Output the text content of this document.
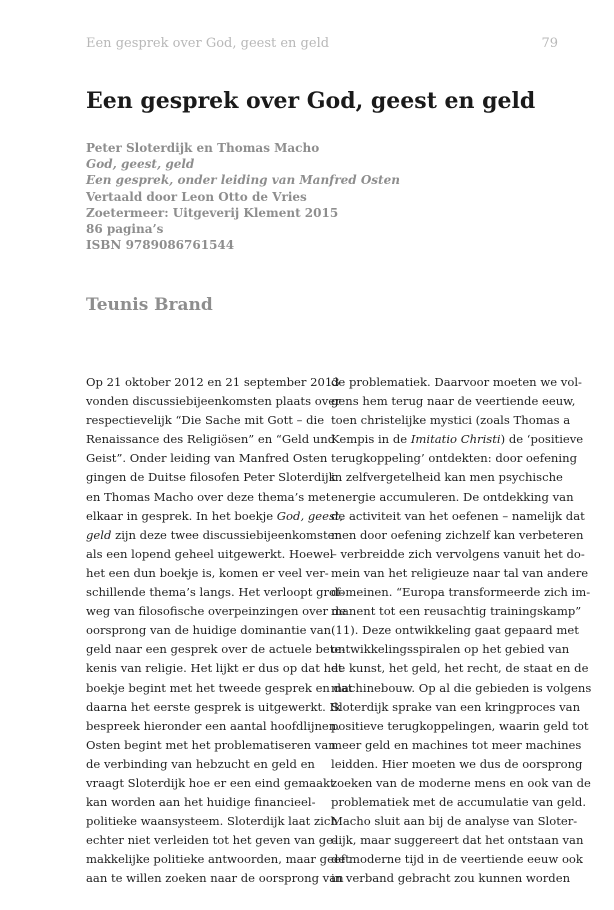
Een gesprek over God, geest en geld	79
Een gesprek over God, geest en geld
Peter Sloterdijk en Thomas Macho
God, geest, geld
Een gesprek, onder leiding van Manfred Osten
Vertaald door Leon Otto de Vries
Zoetermeer: Uitgeverij Klement 2015
86 pagina’s
ISBN 9789086761544
Teunis Brand
Op 21 oktober 2012 en 21 september 2013
vonden discussiebijeenkomsten plaats over
respectievelijk “Die Sache mit Gott – die
Renaissance des Religiösen” en “Geld und
Geist”. Onder leiding van Manfred Osten
gingen de Duitse filosofen Peter Sloterdijk
en Thomas Macho over deze thema’s met
elkaar in gesprek. In het boekje God, geest,
geld zijn deze twee discussiebijeenkomsten
als een lopend geheel uitgewerkt. Hoewel
het een dun boekje is, komen er veel ver-
schillende thema’s langs. Het verloopt grof-
weg van filosofische overpeinzingen over de
oorsprong van de huidige dominantie van
geld naar een gesprek over de actuele bete-
kenis van religie. Het lijkt er dus op dat het
boekje begint met het tweede gesprek en dat
daarna het eerste gesprek is uitgewerkt. Ik
bespreek hieronder een aantal hoofdlijnen.
Osten begint met het problematiseren van
de verbinding van hebzucht en geld en
vraagt Sloterdijk hoe er een eind gemaakt
kan worden aan het huidige financieel-
politieke waansysteem. Sloterdijk laat zich
echter niet verleiden tot het geven van ge-
makkelijke politieke antwoorden, maar geeft
aan te willen zoeken naar de oorsprong van
de problematiek. Daarvoor moeten we vol-
gens hem terug naar de veertiende eeuw,
toen christelijke mystici (zoals Thomas a
Kempis in de Imitatio Christi) de ‘positieve
terugkoppeling’ ontdekten: door oefening
in zelfvergetelheid kan men psychische
energie accumuleren. De ontdekking van
de activiteit van het oefenen – namelijk dat
men door oefening zichzelf kan verbeteren
– verbreidde zich vervolgens vanuit het do-
mein van het religieuze naar tal van andere
domeinen. “Europa transformeerde zich im-
manent tot een reusachtig trainingskamp”
(11). Deze ontwikkeling gaat gepaard met
ontwikkelingsspiralen op het gebied van
de kunst, het geld, het recht, de staat en de
machinebouw. Op al die gebieden is volgens
Sloterdijk sprake van een kringproces van
positieve terugkoppelingen, waarin geld tot
meer geld en machines tot meer machines
leidden. Hier moeten we dus de oorsprong
zoeken van de moderne mens en ook van de
problematiek met de accumulatie van geld.
Macho sluit aan bij de analyse van Sloter-
dijk, maar suggereert dat het ontstaan van
de moderne tijd in de veertiende eeuw ook
in verband gebracht zou kunnen worden
